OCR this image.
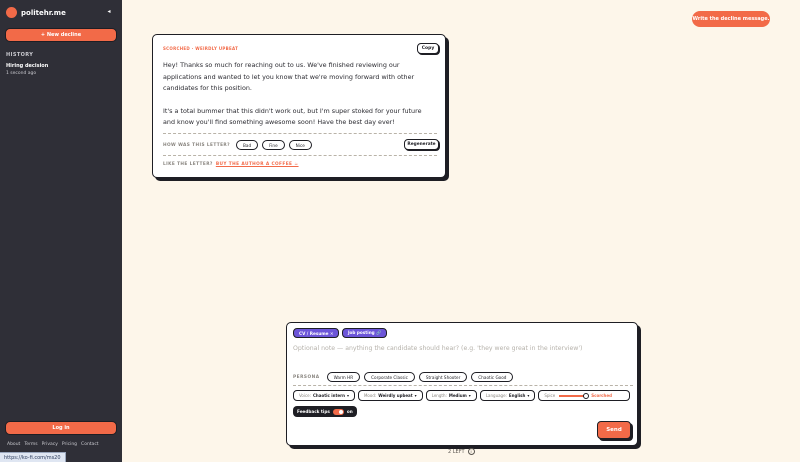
politehr.me	◂
+ New decline
HISTORY
Hiring decision
1 second ago
Log in
About Terms Privacy Pricing Contact
https://ko-fi.com/ms20
Write the decline message.
SCORCHED · WEIRDLY UPBEAT	Copy

Hey! Thanks so much for reaching out to us. We've finished reviewing our applications and wanted to let you know that we're moving forward with other candidates for this position.

It's a total bummer that this didn't work out, but I'm super stoked for your future and know you'll find something awesome soon! Have the best day ever!

HOW WAS THIS LETTER?	Bad	Fine	Nice	Regenerate
LIKE THE LETTER? BUY THE AUTHOR A COFFEE ☕
CV / Resume ✕	Job posting 🔗
Optional note — anything the candidate should hear? (e.g. 'they were great in the interview')
PERSONA	Warm HR	Corporate Classic	Straight Shooter	Chaotic Good
Voice: Chaotic intern ▾	Mood: Weirdly upbeat ▾	Length: Medium ▾	Language: English ▾	Spice	Scorched
Feedback tips	on
Send
2 LEFT	i
